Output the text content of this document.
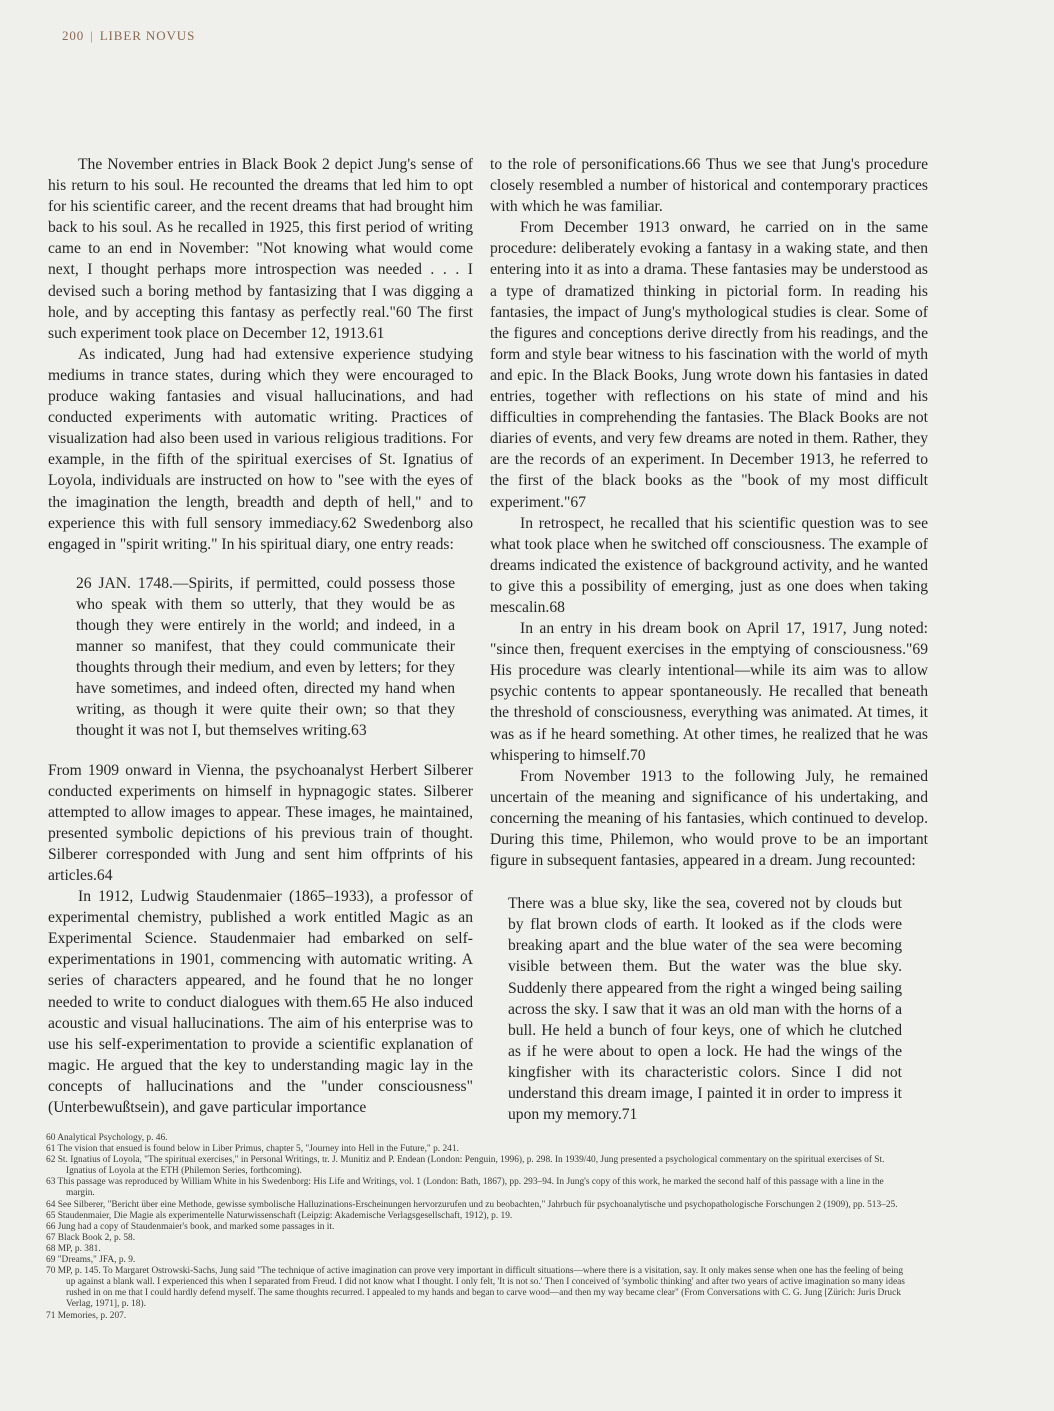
200 | LIBER NOVUS

The November entries in Black Book 2 depict Jung's sense of his return to his soul. He recounted the dreams that led him to opt for his scientific career, and the recent dreams that had brought him back to his soul. As he recalled in 1925, this first period of writing came to an end in November: "Not knowing what would come next, I thought perhaps more introspection was needed . . . I devised such a boring method by fantasizing that I was digging a hole, and by accepting this fantasy as perfectly real."60 The first such experiment took place on December 12, 1913.61

As indicated, Jung had had extensive experience studying mediums in trance states, during which they were encouraged to produce waking fantasies and visual hallucinations, and had conducted experiments with automatic writing. Practices of visualization had also been used in various religious traditions. For example, in the fifth of the spiritual exercises of St. Ignatius of Loyola, individuals are instructed on how to "see with the eyes of the imagination the length, breadth and depth of hell," and to experience this with full sensory immediacy.62 Swedenborg also engaged in "spirit writing." In his spiritual diary, one entry reads:

26 JAN. 1748.—Spirits, if permitted, could possess those who speak with them so utterly, that they would be as though they were entirely in the world; and indeed, in a manner so manifest, that they could communicate their thoughts through their medium, and even by letters; for they have sometimes, and indeed often, directed my hand when writing, as though it were quite their own; so that they thought it was not I, but themselves writing.63

From 1909 onward in Vienna, the psychoanalyst Herbert Silberer conducted experiments on himself in hypnagogic states. Silberer attempted to allow images to appear. These images, he maintained, presented symbolic depictions of his previous train of thought. Silberer corresponded with Jung and sent him offprints of his articles.64

In 1912, Ludwig Staudenmaier (1865–1933), a professor of experimental chemistry, published a work entitled Magic as an Experimental Science. Staudenmaier had embarked on self-experimentations in 1901, commencing with automatic writing. A series of characters appeared, and he found that he no longer needed to write to conduct dialogues with them.65 He also induced acoustic and visual hallucinations. The aim of his enterprise was to use his self-experimentation to provide a scientific explanation of magic. He argued that the key to understanding magic lay in the concepts of hallucinations and the "under consciousness" (Unterbewußtsein), and gave particular importance

to the role of personifications.66 Thus we see that Jung's procedure closely resembled a number of historical and contemporary practices with which he was familiar.

From December 1913 onward, he carried on in the same procedure: deliberately evoking a fantasy in a waking state, and then entering into it as into a drama. These fantasies may be understood as a type of dramatized thinking in pictorial form. In reading his fantasies, the impact of Jung's mythological studies is clear. Some of the figures and conceptions derive directly from his readings, and the form and style bear witness to his fascination with the world of myth and epic. In the Black Books, Jung wrote down his fantasies in dated entries, together with reflections on his state of mind and his difficulties in comprehending the fantasies. The Black Books are not diaries of events, and very few dreams are noted in them. Rather, they are the records of an experiment. In December 1913, he referred to the first of the black books as the "book of my most difficult experiment."67

In retrospect, he recalled that his scientific question was to see what took place when he switched off consciousness. The example of dreams indicated the existence of background activity, and he wanted to give this a possibility of emerging, just as one does when taking mescalin.68

In an entry in his dream book on April 17, 1917, Jung noted: "since then, frequent exercises in the emptying of consciousness."69 His procedure was clearly intentional—while its aim was to allow psychic contents to appear spontaneously. He recalled that beneath the threshold of consciousness, everything was animated. At times, it was as if he heard something. At other times, he realized that he was whispering to himself.70

From November 1913 to the following July, he remained uncertain of the meaning and significance of his undertaking, and concerning the meaning of his fantasies, which continued to develop. During this time, Philemon, who would prove to be an important figure in subsequent fantasies, appeared in a dream. Jung recounted:

There was a blue sky, like the sea, covered not by clouds but by flat brown clods of earth. It looked as if the clods were breaking apart and the blue water of the sea were becoming visible between them. But the water was the blue sky. Suddenly there appeared from the right a winged being sailing across the sky. I saw that it was an old man with the horns of a bull. He held a bunch of four keys, one of which he clutched as if he were about to open a lock. He had the wings of the kingfisher with its characteristic colors. Since I did not understand this dream image, I painted it in order to impress it upon my memory.71

60 Analytical Psychology, p. 46.
61 The vision that ensued is found below in Liber Primus, chapter 5, "Journey into Hell in the Future," p. 241.
62 St. Ignatius of Loyola, "The spiritual exercises," in Personal Writings, tr. J. Munitiz and P. Endean (London: Penguin, 1996), p. 298. In 1939/40, Jung presented a psychological commentary on the spiritual exercises of St. Ignatius of Loyola at the ETH (Philemon Series, forthcoming).
63 This passage was reproduced by William White in his Swedenborg: His Life and Writings, vol. 1 (London: Bath, 1867), pp. 293–94. In Jung's copy of this work, he marked the second half of this passage with a line in the margin.
64 See Silberer, "Bericht über eine Methode, gewisse symbolische Halluzinations-Erscheinungen hervorzurufen und zu beobachten," Jahrbuch für psychoanalytische und psychopathologische Forschungen 2 (1909), pp. 513–25.
65 Staudenmaier, Die Magie als experimentelle Naturwissenschaft (Leipzig: Akademische Verlagsgesellschaft, 1912), p. 19.
66 Jung had a copy of Staudenmaier's book, and marked some passages in it.
67 Black Book 2, p. 58.
68 MP, p. 381.
69 "Dreams," JFA, p. 9.
70 MP, p. 145. To Margaret Ostrowski-Sachs, Jung said "The technique of active imagination can prove very important in difficult situations—where there is a visitation, say. It only makes sense when one has the feeling of being up against a blank wall. I experienced this when I separated from Freud. I did not know what I thought. I only felt, 'It is not so.' Then I conceived of 'symbolic thinking' and after two years of active imagination so many ideas rushed in on me that I could hardly defend myself. The same thoughts recurred. I appealed to my hands and began to carve wood—and then my way became clear" (From Conversations with C. G. Jung [Zürich: Juris Druck Verlag, 1971], p. 18).
71 Memories, p. 207.
